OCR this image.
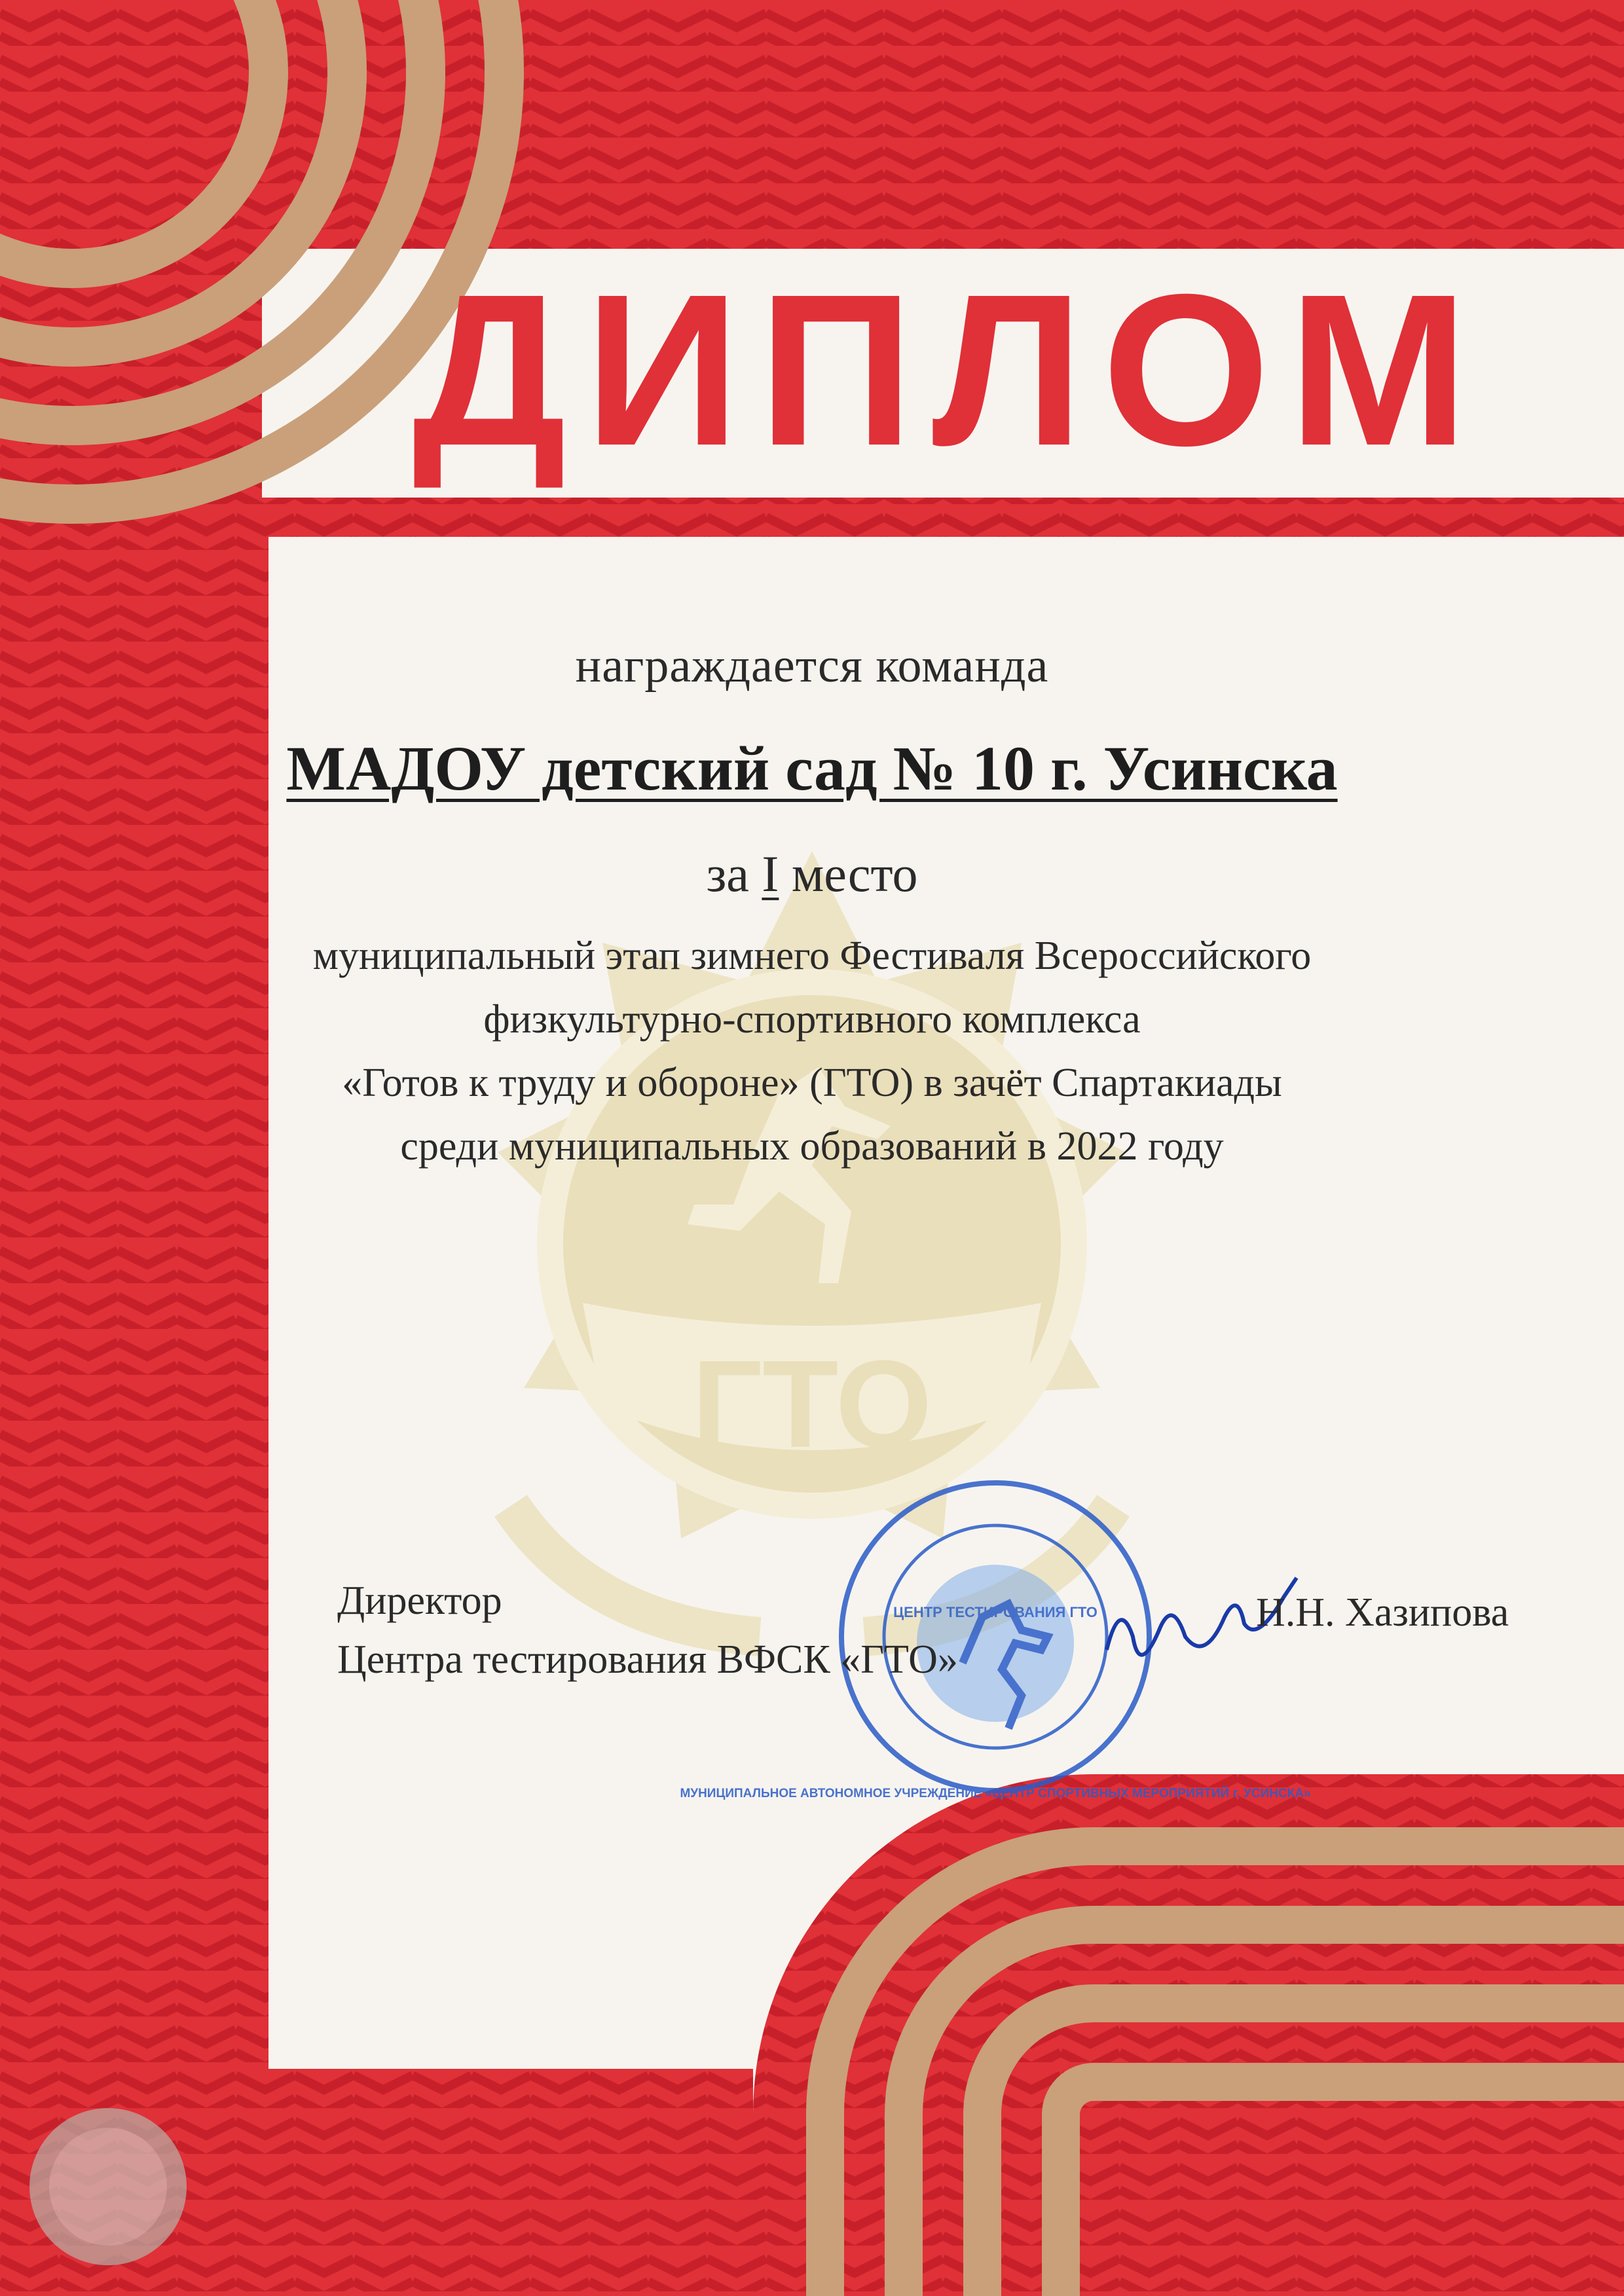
ГТО
ЦЕНТР ТЕСТИРОВАНИЯ ГТО
МУНИЦИПАЛЬНОЕ АВТОНОМНОЕ УЧРЕЖДЕНИЕ «ЦЕНТР СПОРТИВНЫХ МЕРОПРИЯТИЙ г. УСИНСКА»
ДИПЛОМ
награждается команда
МАДОУ детский сад № 10 г. Усинска
за I место
муниципальный этап зимнего Фестиваля Всероссийского
физкультурно-спортивного комплекса
«Готов к труду и обороне» (ГТО) в зачёт Спартакиады
среди муниципальных образований в 2022 году
Директор
Центра тестирования ВФСК «ГТО»
Н.Н. Хазипова
